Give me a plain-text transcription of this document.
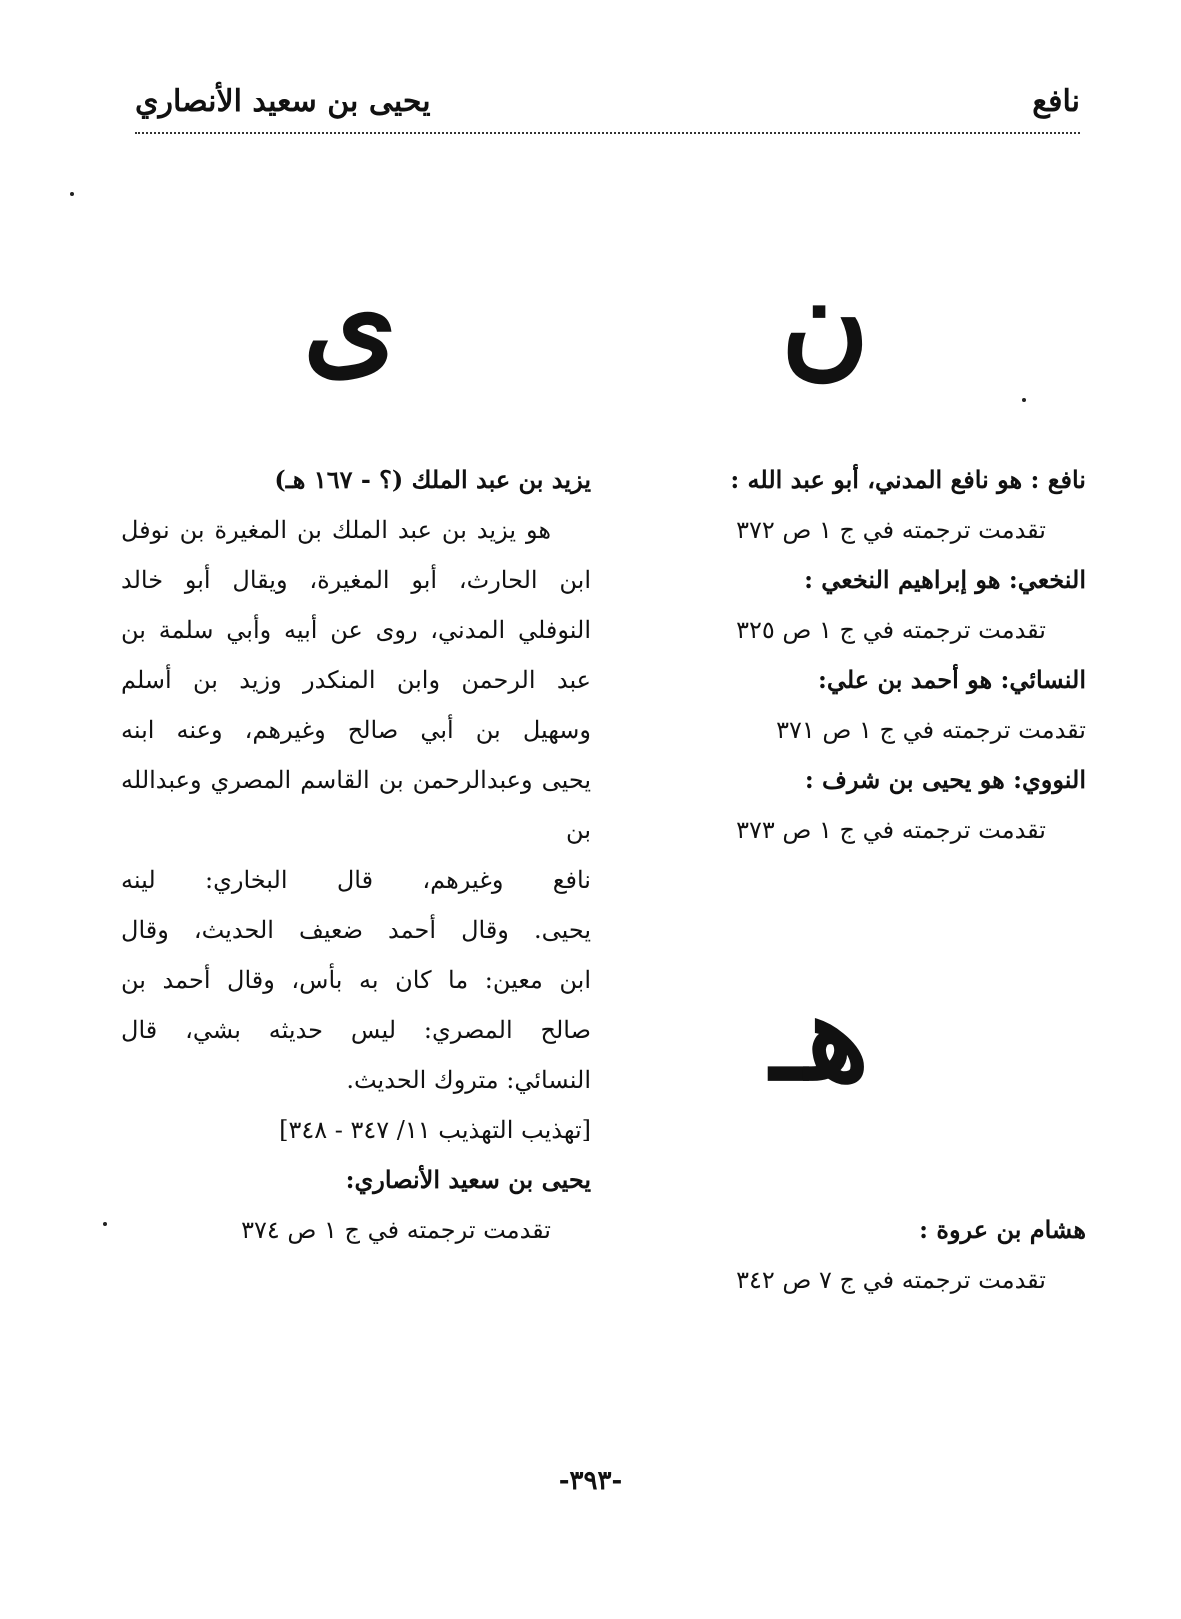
نافع
يحيى بن سعيد الأنصاري
ن
ى
هـ
نافع : هو نافع المدني، أبو عبد الله :
تقدمت ترجمته في ج ١ ص ٣٧٢
النخعي: هو إبراهيم النخعي :
تقدمت ترجمته في ج ١ ص ٣٢٥
النسائي: هو أحمد بن علي:
تقدمت ترجمته في ج ١ ص ٣٧١
النووي: هو يحيى بن شرف :
تقدمت ترجمته في ج ١ ص ٣٧٣
هشام بن عروة :
تقدمت ترجمته في ج ٧ ص ٣٤٢
يزيد بن عبد الملك (؟ - ١٦٧ هـ)
هو يزيد بن عبد الملك بن المغيرة بن نوفل
ابن الحارث، أبو المغيرة، ويقال أبو خالد
النوفلي المدني، روى عن أبيه وأبي سلمة بن
عبد الرحمن وابن المنكدر وزيد بن أسلم
وسهيل بن أبي صالح وغيرهم، وعنه ابنه
يحيى وعبدالرحمن بن القاسم المصري وعبدالله بن
نافع وغيرهم، قال البخاري: لينه
يحيى. وقال أحمد ضعيف الحديث، وقال
ابن معين: ما كان به بأس، وقال أحمد بن
صالح المصري: ليس حديثه بشي، قال
النسائي: متروك الحديث.
[تهذيب التهذيب ١١/ ٣٤٧ - ٣٤٨]
يحيى بن سعيد الأنصاري:
تقدمت ترجمته في ج ١ ص ٣٧٤
-٣٩٣-
